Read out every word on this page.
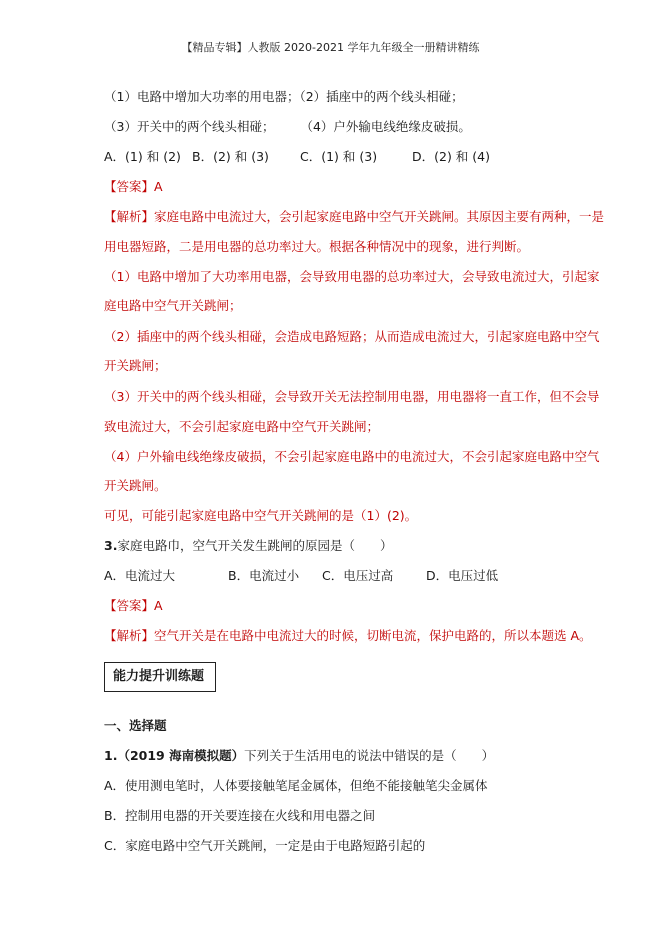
【精品专辑】人教版 2020-2021 学年九年级全一册精讲精练
（1）电路中增加大功率的用电器；（2）插座中的两个线头相碰；
（3）开关中的两个线头相碰； （4）户外输电线绝缘皮破损。
A．(1) 和 (2) B．(2) 和 (3) C．(1) 和 (3)	D．(2) 和 (4)
【答案】A
【解析】家庭电路中电流过大，会引起家庭电路中空气开关跳闸。其原因主要有两种，一是
用电器短路，二是用电器的总功率过大。根据各种情况中的现象，进行判断。
（1）电路中增加了大功率用电器，会导致用电器的总功率过大，会导致电流过大，引起家
庭电路中空气开关跳闸；
（2）插座中的两个线头相碰，会造成电路短路；从而造成电流过大，引起家庭电路中空气
开关跳闸；
（3）开关中的两个线头相碰，会导致开关无法控制用电器，用电器将一直工作，但不会导
致电流过大，不会引起家庭电路中空气开关跳闸；
（4）户外输电线绝缘皮破损，不会引起家庭电路中的电流过大，不会引起家庭电路中空气
开关跳闸。
可见，可能引起家庭电路中空气开关跳闸的是（1）(2)。
3.家庭电路巾，空气开关发生跳闸的原园是（　　）
A．电流过大	B．电流过小 C．电压过高	D．电压过低
【答案】A
【解析】空气开关是在电路中电流过大的时候，切断电流，保护电路的，所以本题选 A。
能力提升训练题
一、选择题
1.（2019 海南模拟题）下列关于生活用电的说法中错误的是（　　）
A．使用测电笔时，人体要接触笔尾金属体，但绝不能接触笔尖金属体
B．控制用电器的开关要连接在火线和用电器之间
C．家庭电路中空气开关跳闸，一定是由于电路短路引起的
